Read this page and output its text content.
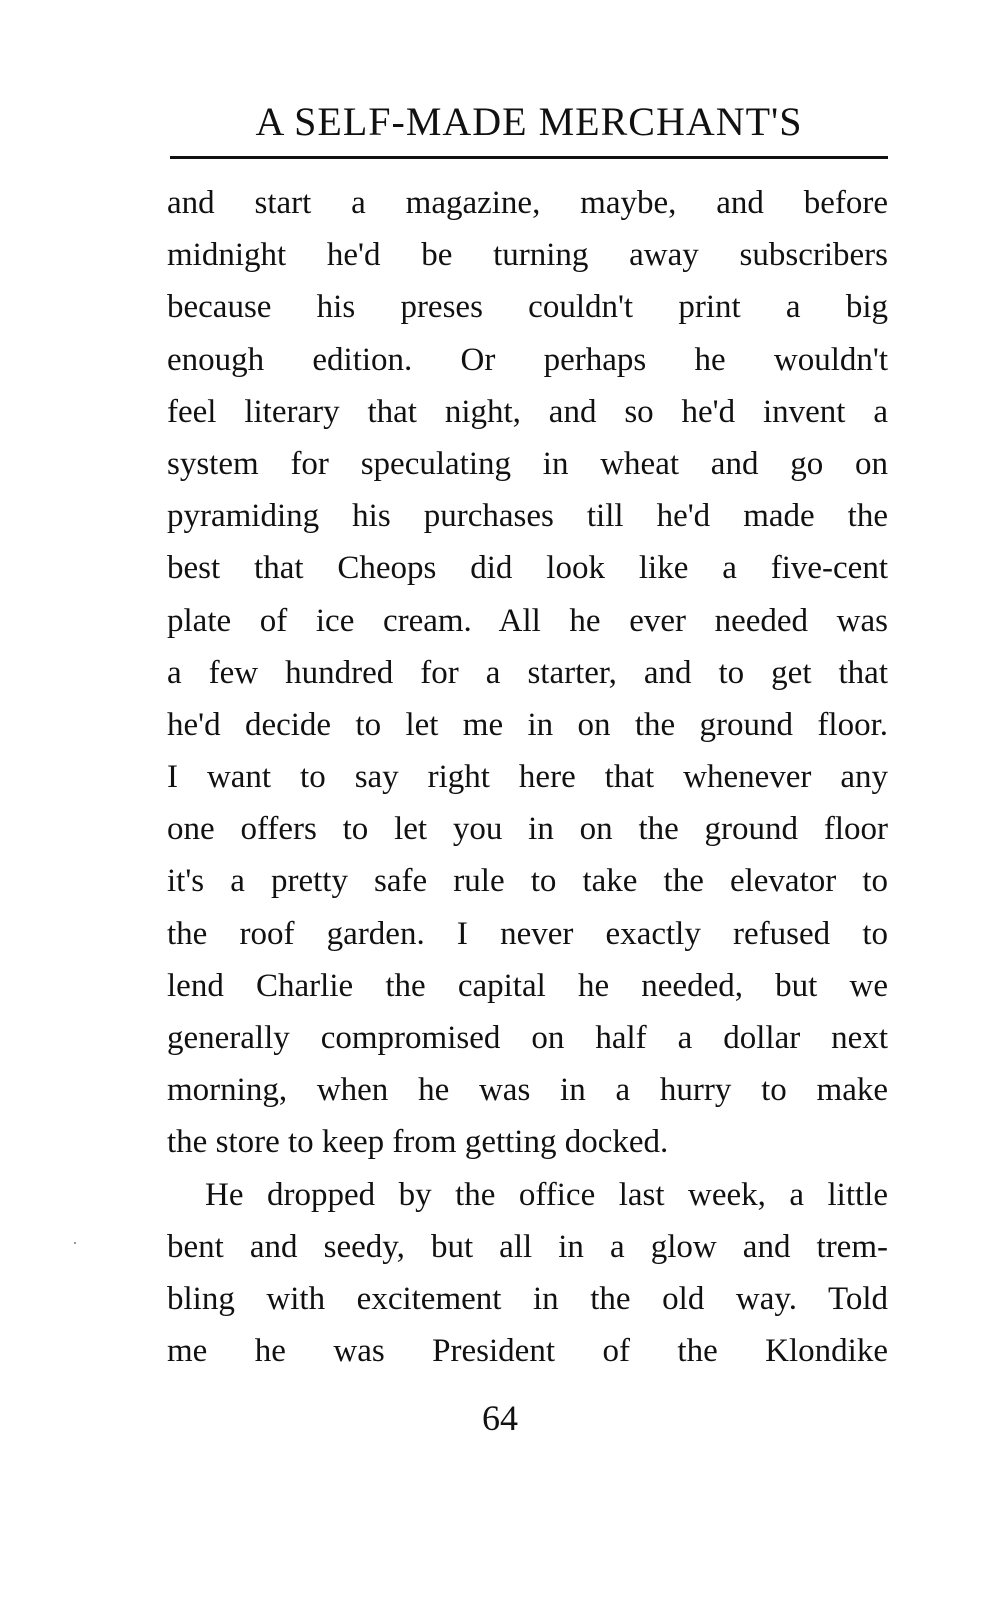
A SELF-MADE MERCHANT'S
and start a magazine, maybe, and before
midnight he'd be turning away subscribers
because his preses couldn't print a big
enough edition. Or perhaps he wouldn't
feel literary that night, and so he'd invent a
system for speculating in wheat and go on
pyramiding his purchases till he'd made the
best that Cheops did look like a five-cent
plate of ice cream. All he ever needed was
a few hundred for a starter, and to get that
he'd decide to let me in on the ground floor.
I want to say right here that whenever any
one offers to let you in on the ground floor
it's a pretty safe rule to take the elevator to
the roof garden. I never exactly refused to
lend Charlie the capital he needed, but we
generally compromised on half a dollar next
morning, when he was in a hurry to make
the store to keep from getting docked.
He dropped by the office last week, a little
bent and seedy, but all in a glow and trem-
bling with excitement in the old way. Told
me he was President of the Klondike
64
